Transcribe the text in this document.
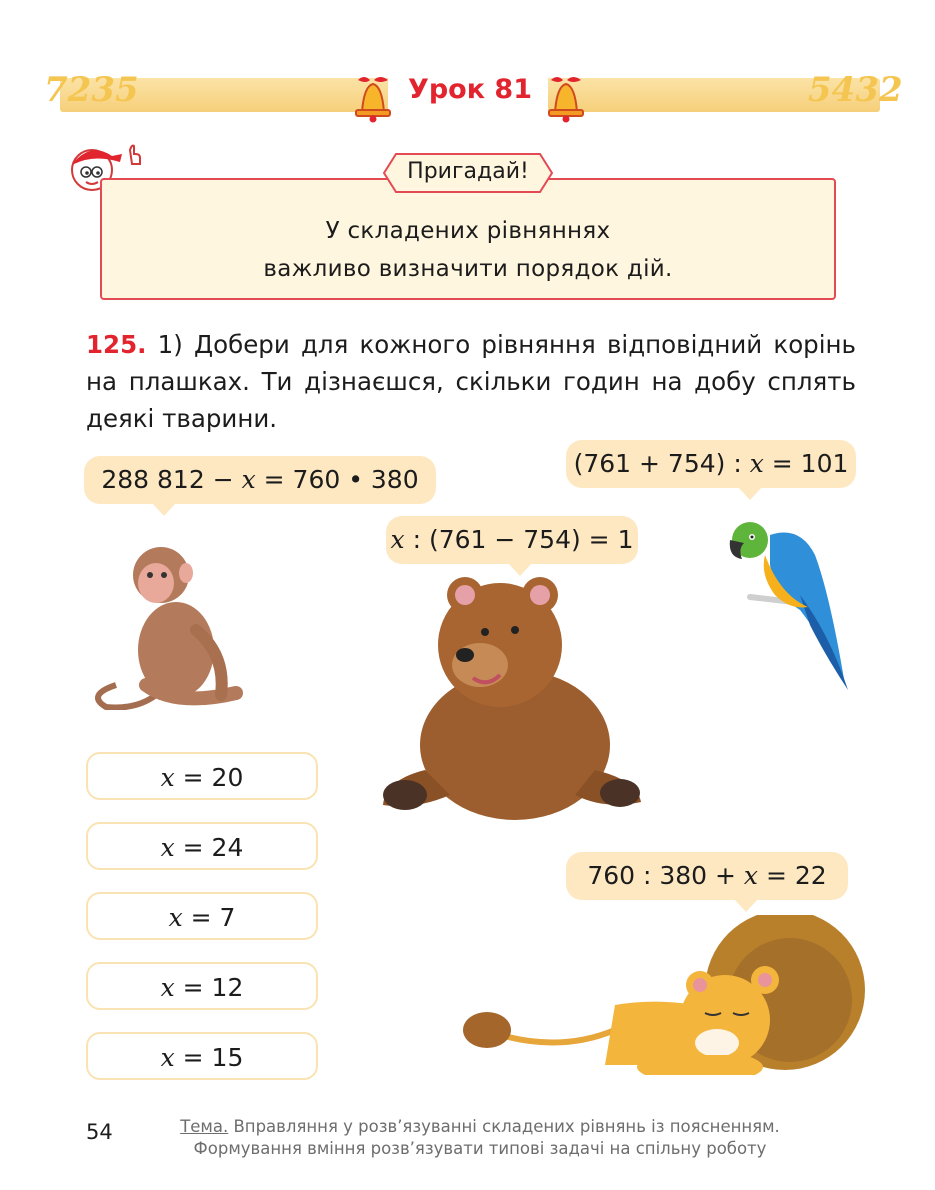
7235	5432
Урок 81
Пригадай!
У складених рівняннях
важливо визначити порядок дій.
125. 1) Добери для кожного рівняння відповідний корінь на плашках. Ти дізнаєшся, скільки годин на добу сплять деякі тварини.
288 812 − x = 760 • 380
(761 + 754) : x = 101
x : (761 − 754) = 1
760 : 380 + x = 22
x = 20
x = 24
x = 7
x = 12
x = 15
54	Тема. Вправляння у розв’язуванні складених рівнянь із поясненням.
Формування вміння розв’язувати типові задачі на спільну роботу
